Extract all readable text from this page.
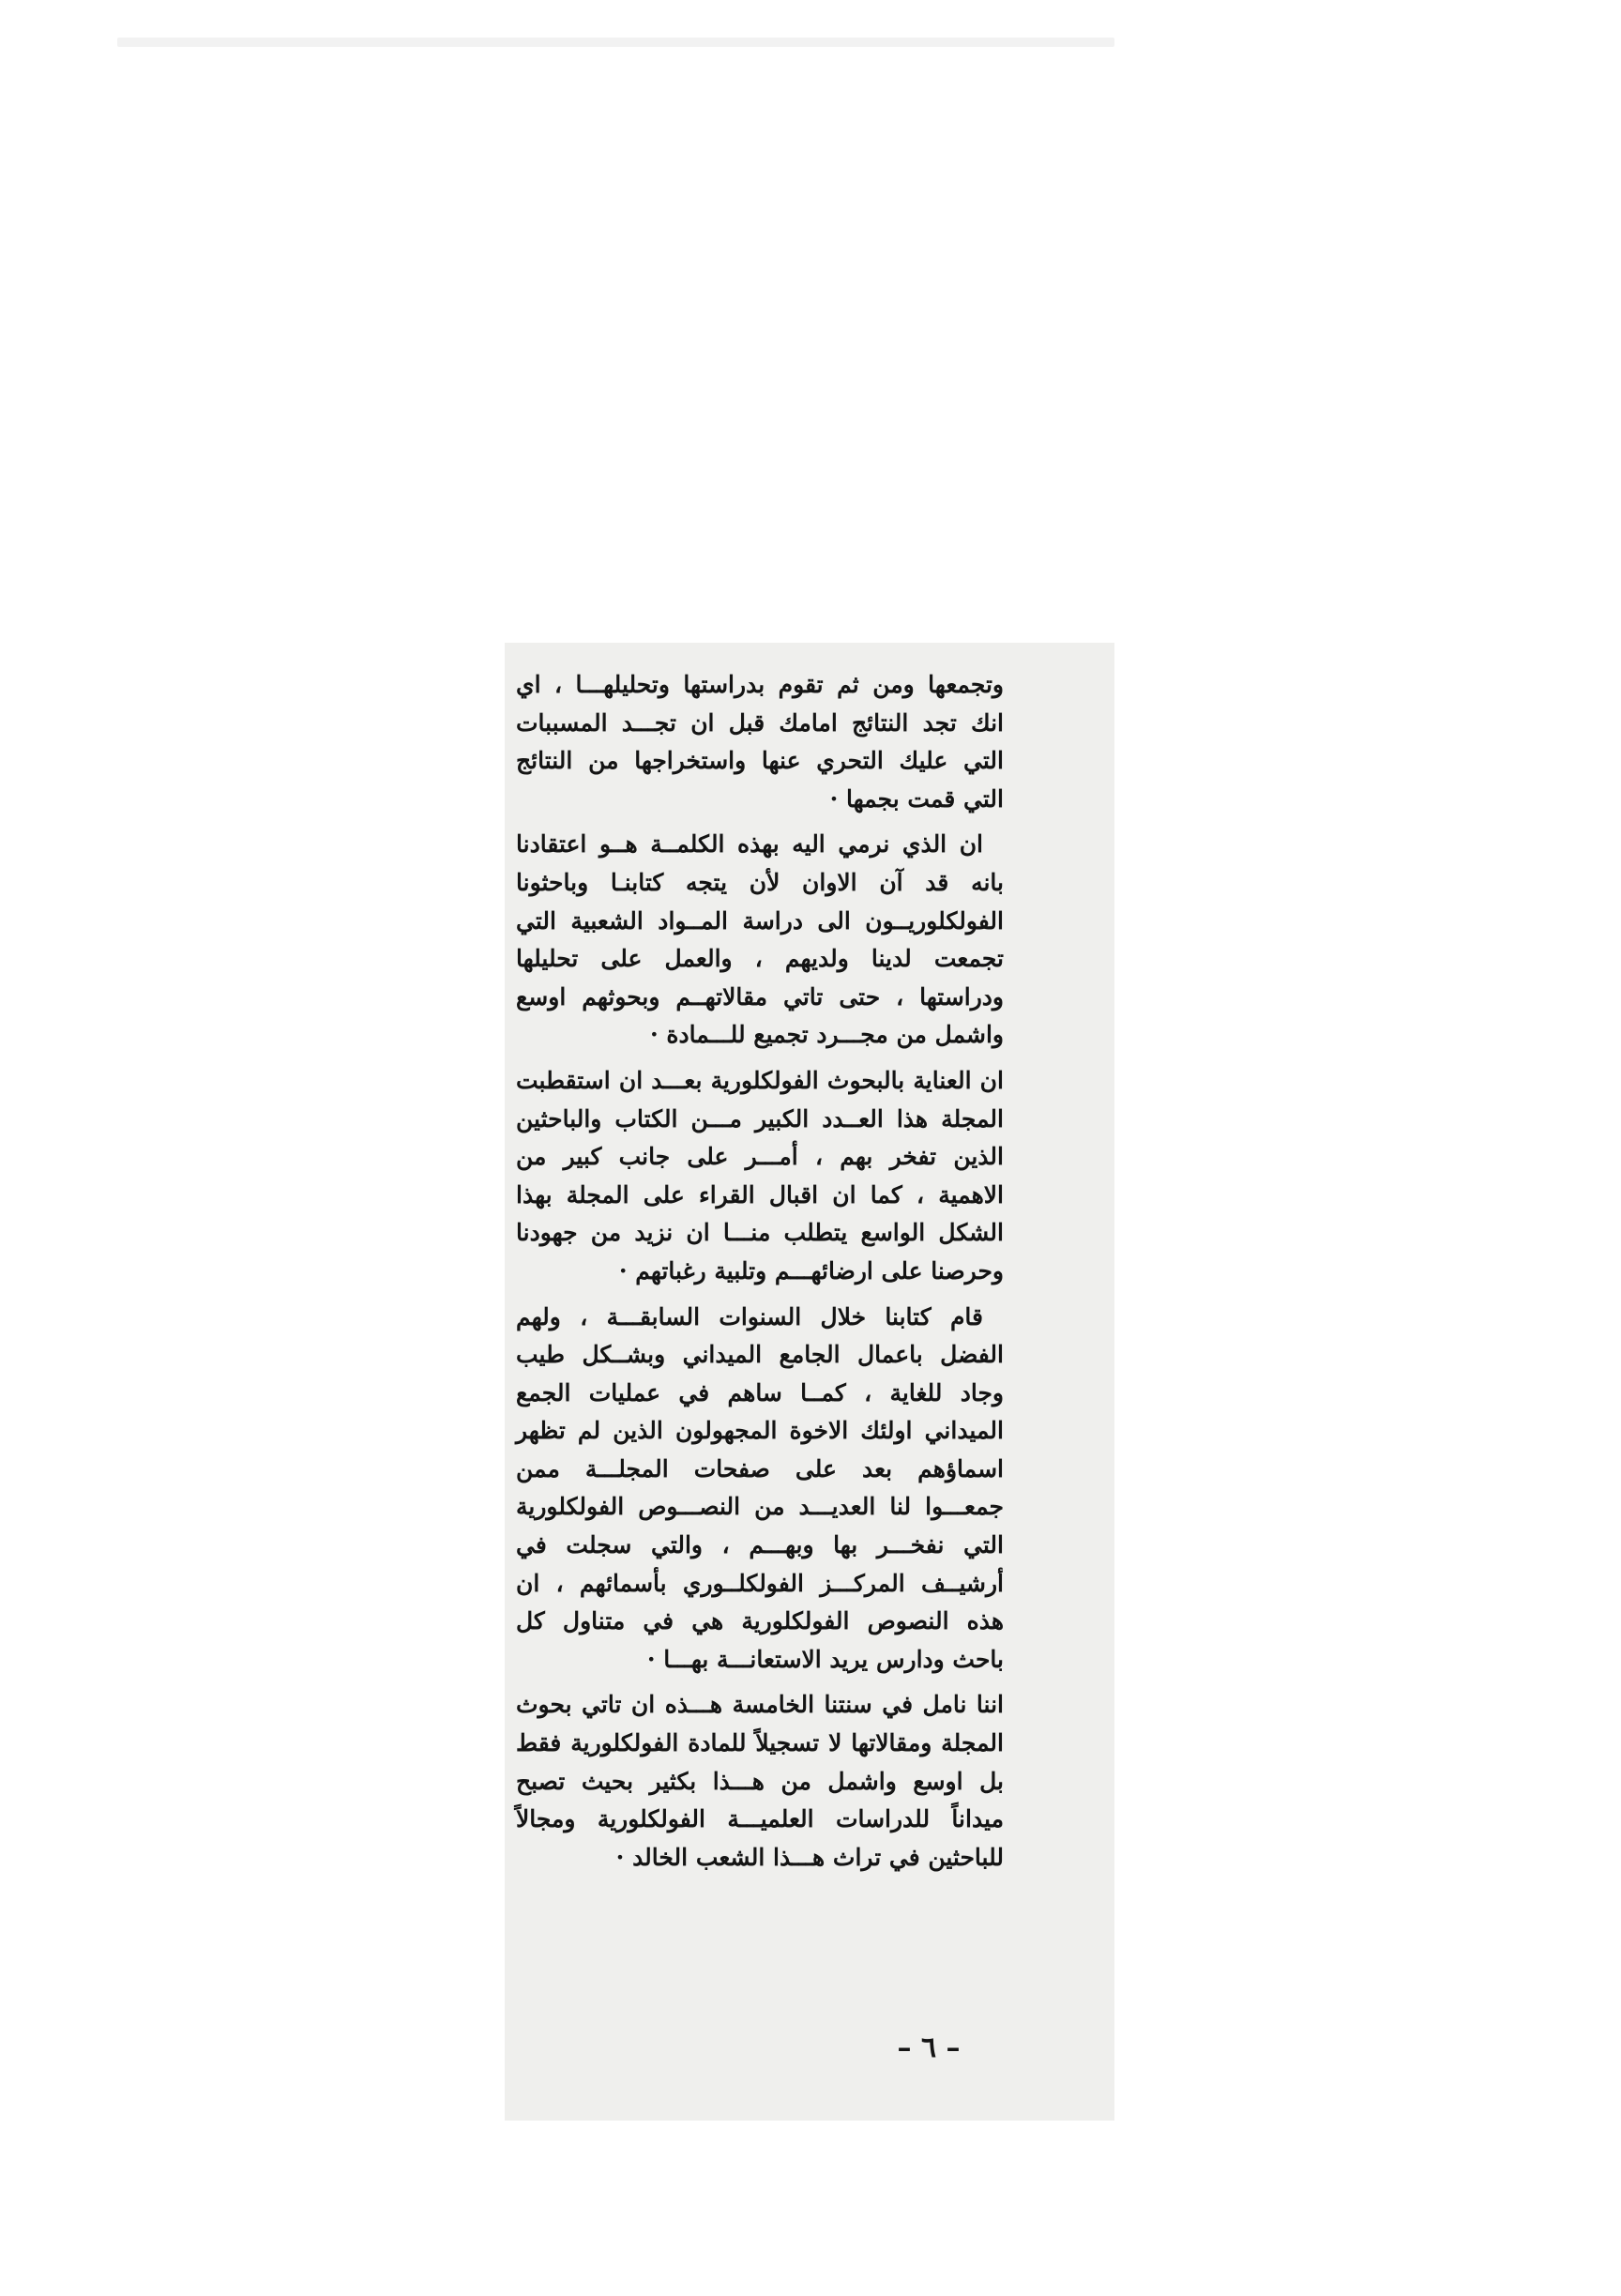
وتجمعها ومن ثم تقوم بدراستها وتحليلهـــا ، اي انك تجد النتائج امامك قبل ان تجـــد المسببات التي عليك التحري عنها واستخراجها من النتائج التي قمت بجمها ·

ان الذي نرمي اليه بهذه الكلمــة هــو اعتقادنا بانه قد آن الاوان لأن يتجه كتابنـا وباحثونا الفولكلوريــون الى دراسة المــواد الشعبية التي تجمعت لدينا ولديهم ، والعمل على تحليلها ودراستها ، حتى تاتي مقالاتهــم وبحوثهم اوسع واشمل من مجـــرد تجميع للـــمادة ·

ان العناية بالبحوث الفولكلورية بعـــد ان استقطبت المجلة هذا العــدد الكبير مـــن الكتاب والباحثين الذين تفخر بهم ، أمـــر على جانب كبير من الاهمية ، كما ان اقبال القراء على المجلة بهذا الشكل الواسع يتطلب منـــا ان نزيد من جهودنا وحرصنا على ارضائهـــم وتلبية رغباتهم ·

قام كتابنا خلال السنوات السابقـــة ، ولهم الفضل باعمال الجامع الميداني وبشــكل طيب وجاد للغاية ، كمــا ساهم في عمليات الجمع الميداني اولئك الاخوة المجهولون الذين لم تظهر اسماؤهم بعد على صفحات المجلـــة ممن جمعـــوا لنا العديـــد من النصـــوص الفولكلورية التي نفخـــر بها وبهـــم ، والتي سجلت في أرشيــف المركـــز الفولكلــوري بأسمائهم ، ان هذه النصوص الفولكلورية هي في متناول كل باحث ودارس يريد الاستعانـــة بهـــا ·

اننا نامل في سنتنا الخامسة هـــذه ان تاتي بحوث المجلة ومقالاتها لا تسجيلاً للمادة الفولكلورية فقط بل اوسع واشمل من هـــذا بكثير بحيث تصبح ميداناً للدراسات العلميـــة الفولكلورية ومجالاً للباحثين في تراث هـــذا الشعب الخالد ·

– ٦ –
